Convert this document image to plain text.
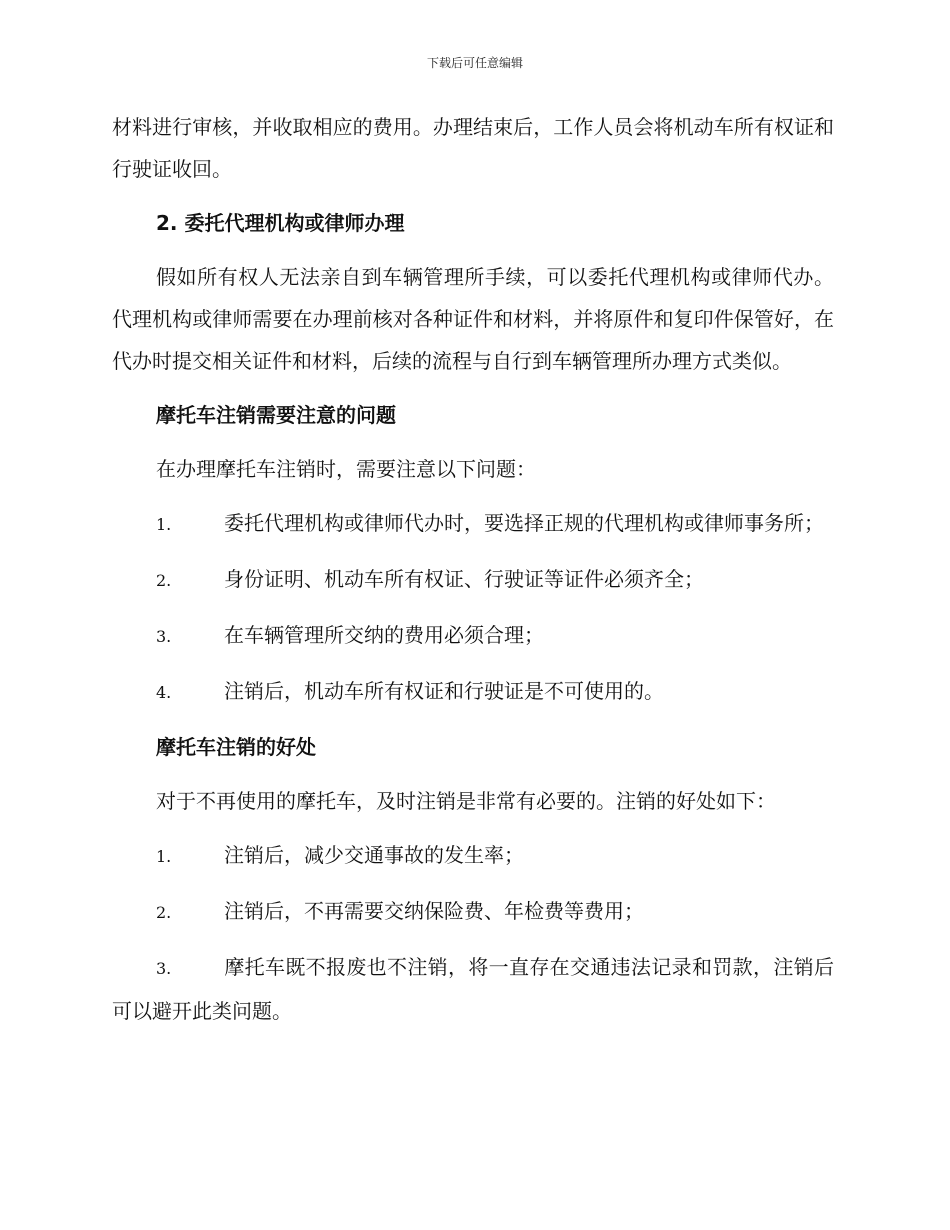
下载后可任意编辑

材料进行审核，并收取相应的费用。办理结束后，工作人员会将机动车所有权证和行驶证收回。

2. 委托代理机构或律师办理

假如所有权人无法亲自到车辆管理所手续，可以委托代理机构或律师代办。代理机构或律师需要在办理前核对各种证件和材料，并将原件和复印件保管好，在代办时提交相关证件和材料，后续的流程与自行到车辆管理所办理方式类似。

摩托车注销需要注意的问题

在办理摩托车注销时，需要注意以下问题：

1.	委托代理机构或律师代办时，要选择正规的代理机构或律师事务所；

2.	身份证明、机动车所有权证、行驶证等证件必须齐全；

3.	在车辆管理所交纳的费用必须合理；

4.	注销后，机动车所有权证和行驶证是不可使用的。

摩托车注销的好处

对于不再使用的摩托车，及时注销是非常有必要的。注销的好处如下：

1.	注销后，减少交通事故的发生率；

2.	注销后，不再需要交纳保险费、年检费等费用；

3.	摩托车既不报废也不注销，将一直存在交通违法记录和罚款，注销后可以避开此类问题。
